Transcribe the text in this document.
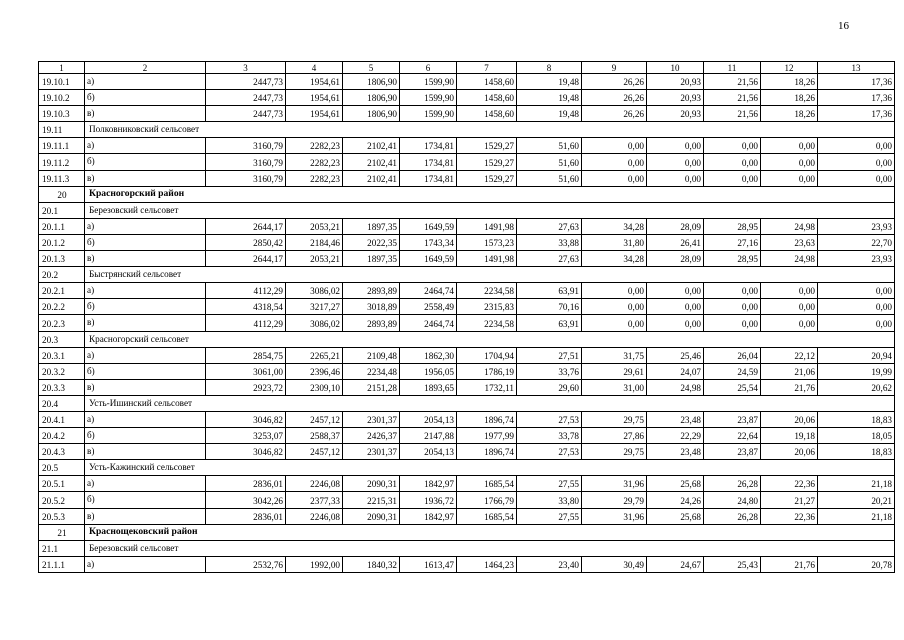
16
1	2	3	4	5	6	7	8	9	10	11	12	13
19.10.1	а)	2447,73	1954,61	1806,90	1599,90	1458,60	19,48	26,26	20,93	21,56	18,26	17,36
19.10.2	б)	2447,73	1954,61	1806,90	1599,90	1458,60	19,48	26,26	20,93	21,56	18,26	17,36
19.10.3	в)	2447,73	1954,61	1806,90	1599,90	1458,60	19,48	26,26	20,93	21,56	18,26	17,36
19.11	Полковниковский сельсовет											
19.11.1	а)	3160,79	2282,23	2102,41	1734,81	1529,27	51,60	0,00	0,00	0,00	0,00	0,00
19.11.2	б)	3160,79	2282,23	2102,41	1734,81	1529,27	51,60	0,00	0,00	0,00	0,00	0,00
19.11.3	в)	3160,79	2282,23	2102,41	1734,81	1529,27	51,60	0,00	0,00	0,00	0,00	0,00
20	Красногорский район											
20.1	Березовский сельсовет											
20.1.1	а)	2644,17	2053,21	1897,35	1649,59	1491,98	27,63	34,28	28,09	28,95	24,98	23,93
20.1.2	б)	2850,42	2184,46	2022,35	1743,34	1573,23	33,88	31,80	26,41	27,16	23,63	22,70
20.1.3	в)	2644,17	2053,21	1897,35	1649,59	1491,98	27,63	34,28	28,09	28,95	24,98	23,93
20.2	Быстрянский сельсовет											
20.2.1	а)	4112,29	3086,02	2893,89	2464,74	2234,58	63,91	0,00	0,00	0,00	0,00	0,00
20.2.2	б)	4318,54	3217,27	3018,89	2558,49	2315,83	70,16	0,00	0,00	0,00	0,00	0,00
20.2.3	в)	4112,29	3086,02	2893,89	2464,74	2234,58	63,91	0,00	0,00	0,00	0,00	0,00
20.3	Красногорский сельсовет											
20.3.1	а)	2854,75	2265,21	2109,48	1862,30	1704,94	27,51	31,75	25,46	26,04	22,12	20,94
20.3.2	б)	3061,00	2396,46	2234,48	1956,05	1786,19	33,76	29,61	24,07	24,59	21,06	19,99
20.3.3	в)	2923,72	2309,10	2151,28	1893,65	1732,11	29,60	31,00	24,98	25,54	21,76	20,62
20.4	Усть-Ишинский сельсовет											
20.4.1	а)	3046,82	2457,12	2301,37	2054,13	1896,74	27,53	29,75	23,48	23,87	20,06	18,83
20.4.2	б)	3253,07	2588,37	2426,37	2147,88	1977,99	33,78	27,86	22,29	22,64	19,18	18,05
20.4.3	в)	3046,82	2457,12	2301,37	2054,13	1896,74	27,53	29,75	23,48	23,87	20,06	18,83
20.5	Усть-Кажинский сельсовет											
20.5.1	а)	2836,01	2246,08	2090,31	1842,97	1685,54	27,55	31,96	25,68	26,28	22,36	21,18
20.5.2	б)	3042,26	2377,33	2215,31	1936,72	1766,79	33,80	29,79	24,26	24,80	21,27	20,21
20.5.3	в)	2836,01	2246,08	2090,31	1842,97	1685,54	27,55	31,96	25,68	26,28	22,36	21,18
21	Краснощековский район											
21.1	Березовский сельсовет											
21.1.1	а)	2532,76	1992,00	1840,32	1613,47	1464,23	23,40	30,49	24,67	25,43	21,76	20,78
